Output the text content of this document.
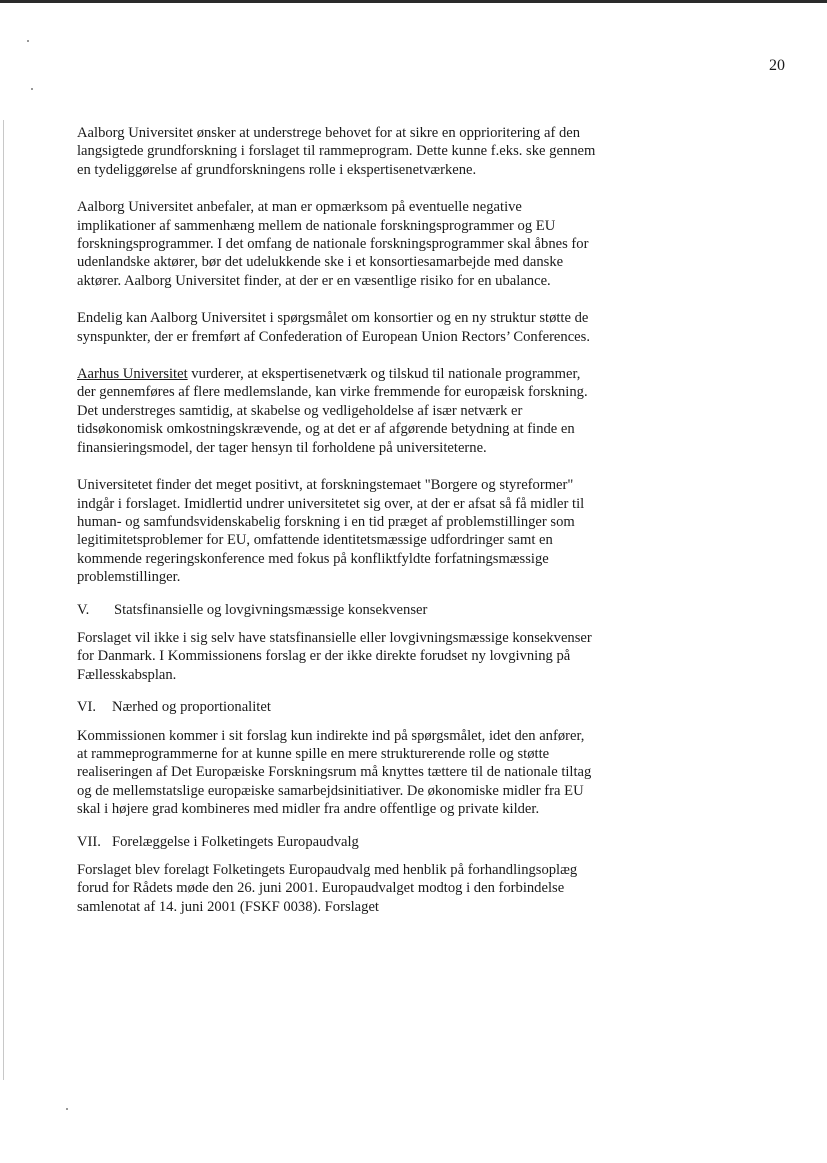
20

Aalborg Universitet ønsker at understrege behovet for at sikre en opprioritering af den langsigtede grundforskning i forslaget til rammeprogram. Dette kunne f.eks. ske gennem en tydeliggørelse af grundforskningens rolle i ekspertisenetværkene.

Aalborg Universitet anbefaler, at man er opmærksom på eventuelle negative implikationer af sammenhæng mellem de nationale forskningsprogrammer og EU forskningsprogrammer. I det omfang de nationale forskningsprogrammer skal åbnes for udenlandske aktører, bør det udelukkende ske i et konsortiesamarbejde med danske aktører. Aalborg Universitet finder, at der er en væsentlige risiko for en ubalance.

Endelig kan Aalborg Universitet i spørgsmålet om konsortier og en ny struktur støtte de synspunkter, der er fremført af Confederation of European Union Rectors’ Conferences.

Aarhus Universitet vurderer, at ekspertisenetværk og tilskud til nationale programmer, der gennemføres af flere medlemslande, kan virke fremmende for europæisk forskning. Det understreges samtidig, at skabelse og vedligeholdelse af især netværk er tidsøkonomisk omkostningskrævende, og at det er af afgørende betydning at finde en finansieringsmodel, der tager hensyn til forholdene på universiteterne.

Universitetet finder det meget positivt, at forskningstemaet "Borgere og styreformer" indgår i forslaget. Imidlertid undrer universitetet sig over, at der er afsat så få midler til human- og samfundsvidenskabelig forskning i en tid præget af problemstillinger som legitimitetsproblemer for EU, omfattende identitetsmæssige udfordringer samt en kommende regeringskonference med fokus på konfliktfyldte forfatningsmæssige problemstillinger.

V.	Statsfinansielle og lovgivningsmæssige konsekvenser

Forslaget vil ikke i sig selv have statsfinansielle eller lovgivningsmæssige konsekvenser for Danmark. I Kommissionens forslag er der ikke direkte forudset ny lovgivning på Fællesskabsplan.

VI.	Nærhed og proportionalitet

Kommissionen kommer i sit forslag kun indirekte ind på spørgsmålet, idet den anfører, at rammeprogrammerne for at kunne spille en mere strukturerende rolle og støtte realiseringen af Det Europæiske Forskningsrum må knyttes tættere til de nationale tiltag og de mellemstatslige europæiske samarbejdsinitiativer. De økonomiske midler fra EU skal i højere grad kombineres med midler fra andre offentlige og private kilder.

VII. Forelæggelse i Folketingets Europaudvalg

Forslaget blev forelagt Folketingets Europaudvalg med henblik på forhandlingsoplæg forud for Rådets møde den 26. juni 2001. Europaudvalget modtog i den forbindelse samlenotat af 14. juni 2001 (FSKF 0038). Forslaget
